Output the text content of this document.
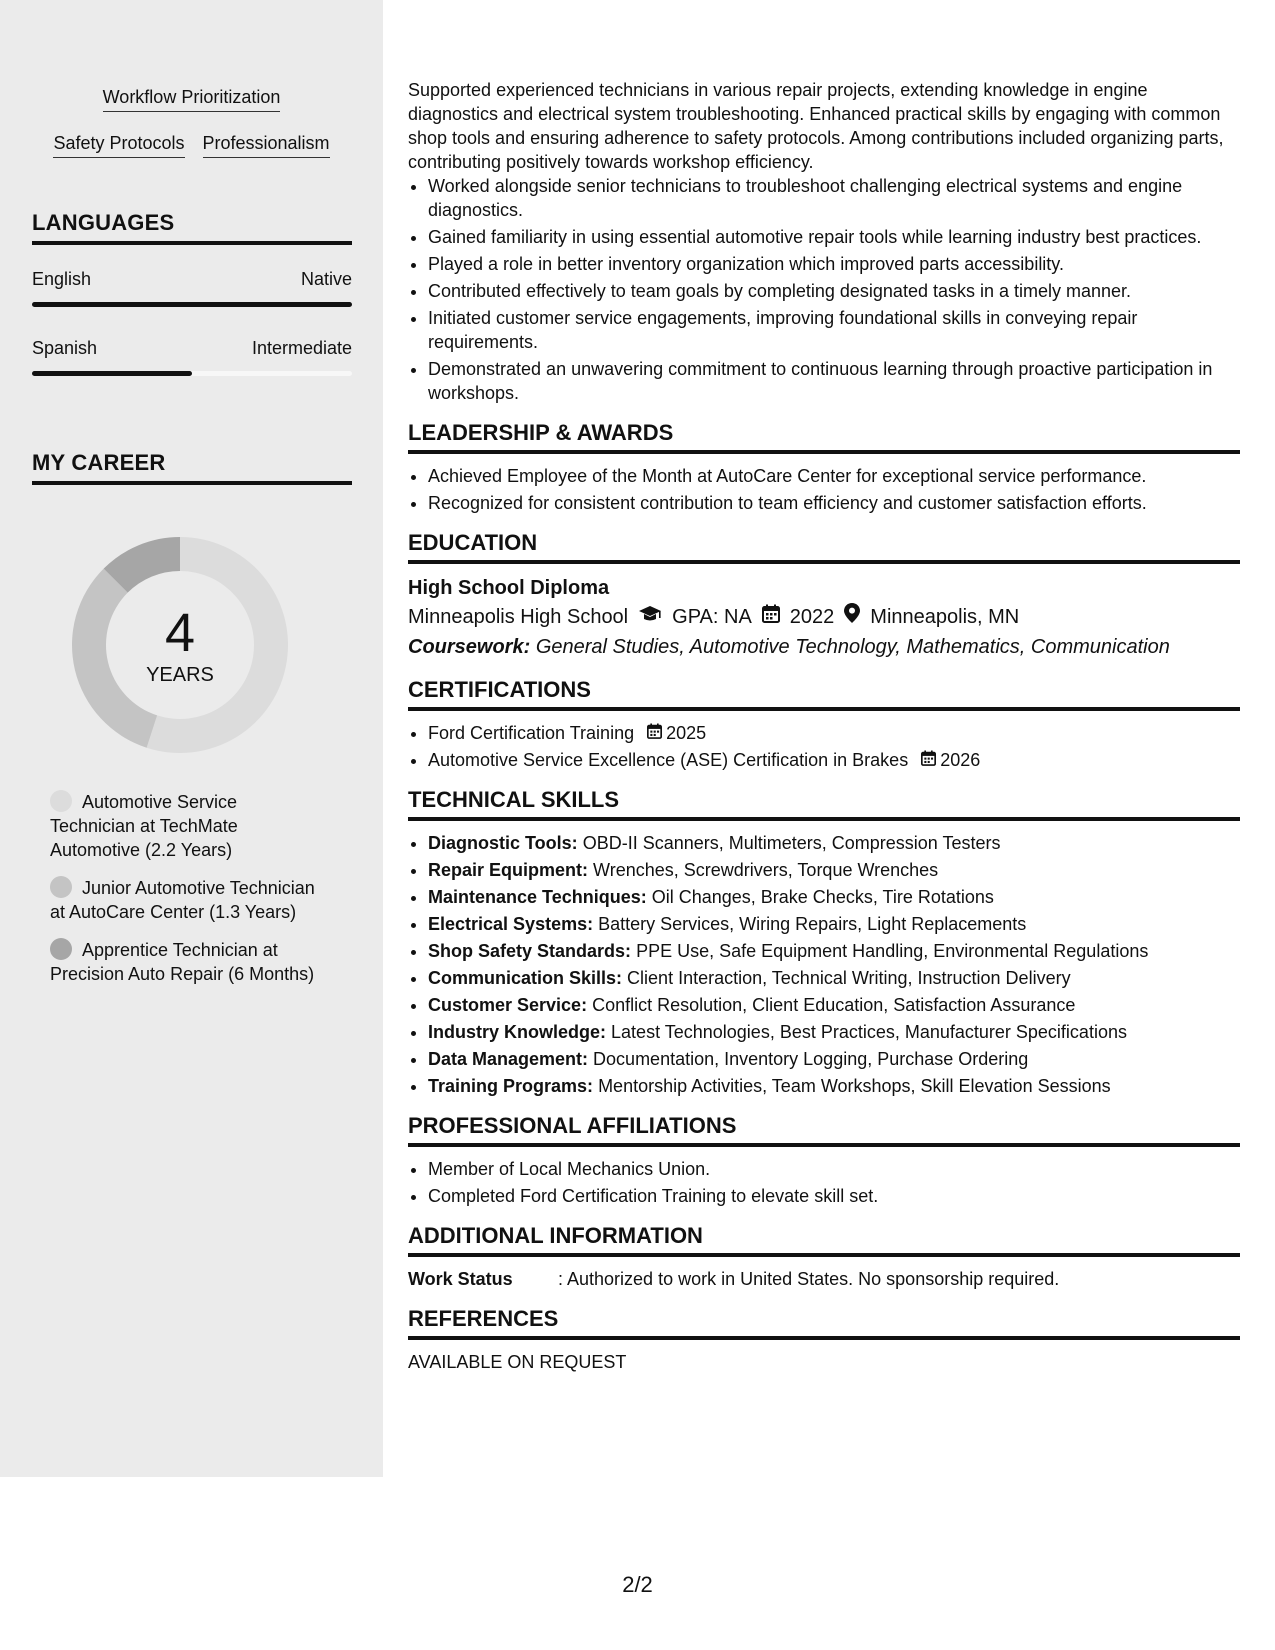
Workflow Prioritization
Safety Protocols Professionalism
LANGUAGES
English	Native
Spanish	Intermediate
MY CAREER
4
YEARS
Automotive Service Technician at TechMate Automotive (2.2 Years)
Junior Automotive Technician at AutoCare Center (1.3 Years)
Apprentice Technician at Precision Auto Repair (6 Months)

Supported experienced technicians in various repair projects, extending knowledge in engine diagnostics and electrical system troubleshooting. Enhanced practical skills by engaging with common shop tools and ensuring adherence to safety protocols. Among contributions included organizing parts, contributing positively towards workshop efficiency.

• Worked alongside senior technicians to troubleshoot challenging electrical systems and engine diagnostics.
• Gained familiarity in using essential automotive repair tools while learning industry best practices.
• Played a role in better inventory organization which improved parts accessibility.
• Contributed effectively to team goals by completing designated tasks in a timely manner.
• Initiated customer service engagements, improving foundational skills in conveying repair requirements.
• Demonstrated an unwavering commitment to continuous learning through proactive participation in workshops.
LEADERSHIP & AWARDS
• Achieved Employee of the Month at AutoCare Center for exceptional service performance.
• Recognized for consistent contribution to team efficiency and customer satisfaction efforts.
EDUCATION
High School Diploma
Minneapolis High School GPA: NA 2022 Minneapolis, MN
Coursework: General Studies, Automotive Technology, Mathematics, Communication
CERTIFICATIONS
• Ford Certification Training 2025
• Automotive Service Excellence (ASE) Certification in Brakes 2026
TECHNICAL SKILLS
• Diagnostic Tools: OBD-II Scanners, Multimeters, Compression Testers
• Repair Equipment: Wrenches, Screwdrivers, Torque Wrenches
• Maintenance Techniques: Oil Changes, Brake Checks, Tire Rotations
• Electrical Systems: Battery Services, Wiring Repairs, Light Replacements
• Shop Safety Standards: PPE Use, Safe Equipment Handling, Environmental Regulations
• Communication Skills: Client Interaction, Technical Writing, Instruction Delivery
• Customer Service: Conflict Resolution, Client Education, Satisfaction Assurance
• Industry Knowledge: Latest Technologies, Best Practices, Manufacturer Specifications
• Data Management: Documentation, Inventory Logging, Purchase Ordering
• Training Programs: Mentorship Activities, Team Workshops, Skill Elevation Sessions
PROFESSIONAL AFFILIATIONS
• Member of Local Mechanics Union.
• Completed Ford Certification Training to elevate skill set.
ADDITIONAL INFORMATION
Work Status	: Authorized to work in United States. No sponsorship required.
REFERENCES
AVAILABLE ON REQUEST
2/2
